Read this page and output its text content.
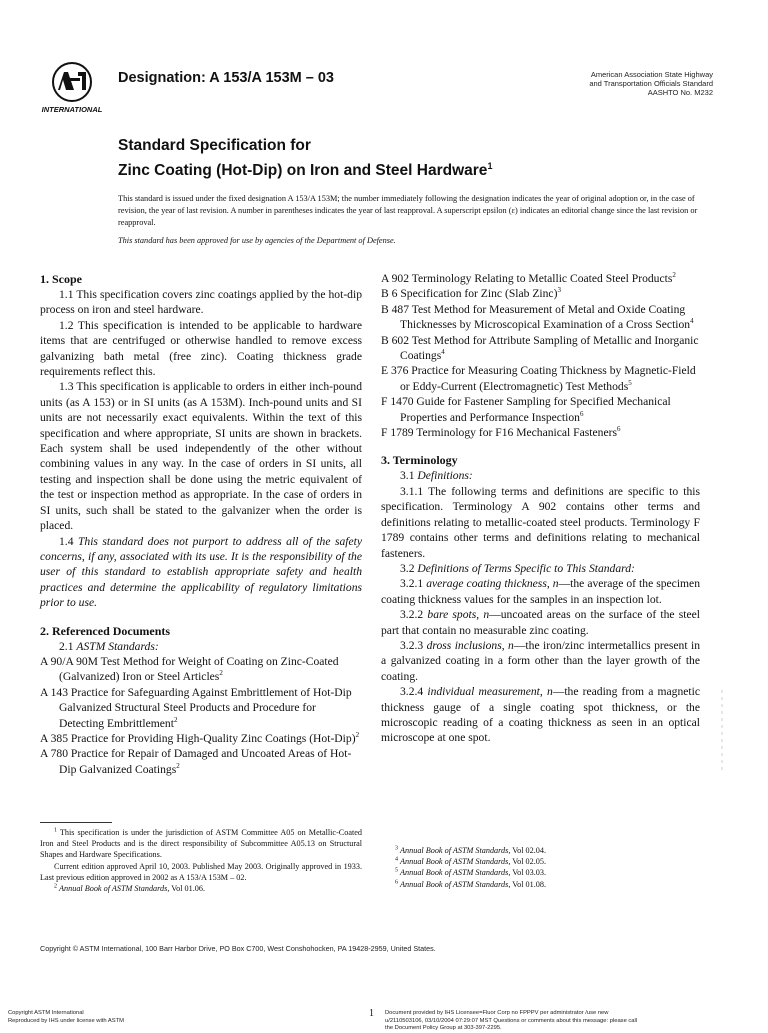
INTERNATIONAL
Designation: A 153/A 153M – 03	American Association State Highway
and Transportation Officials Standard
AASHTO No. M232
Standard Specification for
Zinc Coating (Hot-Dip) on Iron and Steel Hardware$^1$

This standard is issued under the fixed designation A 153/A 153M; the number immediately following the designation indicates the year of original adoption or, in the case of revision, the year of last revision. A number in parentheses indicates the year of last reapproval. A superscript epsilon (ε) indicates an editorial change since the last revision or reapproval.

This standard has been approved for use by agencies of the Department of Defense.

1. Scope

1.1 This specification covers zinc coatings applied by the hot-dip process on iron and steel hardware.

1.2 This specification is intended to be applicable to hardware items that are centrifuged or otherwise handled to remove excess galvanizing bath metal (free zinc). Coating thickness grade requirements reflect this.

1.3 This specification is applicable to orders in either inch-pound units (as A 153) or in SI units (as A 153M). Inch-pound units and SI units are not necessarily exact equivalents. Within the text of this specification and where appropriate, SI units are shown in brackets. Each system shall be used independently of the other without combining values in any way. In the case of orders in SI units, all testing and inspection shall be done using the metric equivalent of the test or inspection method as appropriate. In the case of orders in SI units, such shall be stated to the galvanizer when the order is placed.

1.4 This standard does not purport to address all of the safety concerns, if any, associated with its use. It is the responsibility of the user of this standard to establish appropriate safety and health practices and determine the applicability of regulatory limitations prior to use.

2. Referenced Documents

2.1 ASTM Standards:

A 90/A 90M Test Method for Weight of Coating on Zinc-Coated (Galvanized) Iron or Steel Articles$^2$

A 143 Practice for Safeguarding Against Embrittlement of Hot-Dip Galvanized Structural Steel Products and Procedure for Detecting Embrittlement$^2$

A 385 Practice for Providing High-Quality Zinc Coatings $(Hot-Dip)^2$

A 780 Practice for Repair of Damaged and Uncoated Areas of Hot-Dip Galvanized Coatings$^2$

A 902 Terminology Relating to Metallic Coated Steel Products$^2$

B 6 Specification for Zinc (Slab Zinc)$^3$

B 487 Test Method for Measurement of Metal and Oxide Coating Thicknesses by Microscopical Examination of a Cross Section$^4$

B 602 Test Method for Attribute Sampling of Metallic and Inorganic Coatings$^4$

E 376 Practice for Measuring Coating Thickness by Magnetic-Field or Eddy-Current (Electromagnetic) Test Methods$^5$

F 1470 Guide for Fastener Sampling for Specified Mechanical Properties and Performance Inspection$^6$

F 1789 Terminology for F16 Mechanical Fasteners$^6$

3. Terminology

3.1 Definitions:

3.1.1 The following terms and definitions are specific to this specification. Terminology A 902 contains other terms and definitions relating to metallic-coated steel products. Terminology F 1789 contains other terms and definitions relating to mechanical fasteners.

3.2 Definitions of Terms Specific to This Standard:

3.2.1 average coating thickness, n—the average of the specimen coating thickness values for the samples in an inspection lot.

3.2.2 bare spots, n—uncoated areas on the surface of the steel part that contain no measurable zinc coating.

3.2.3 dross inclusions, n—the iron/zinc intermetallics present in a galvanized coating in a form other than the layer growth of the coating.

3.2.4 individual measurement, n—the reading from a magnetic thickness gauge of a single coating spot thickness, or the microscopic reading of a coating thickness as seen in an optical microscope at one spot.

$^1$ This specification is under the jurisdiction of ASTM Committee A05 on Metallic-Coated Iron and Steel Products and is the direct responsibility of Subcommittee A05.13 on Structural Shapes and Hardware Specifications.

Current edition approved April 10, 2003. Published May 2003. Originally approved in 1933. Last previous edition approved in 2002 as A 153/A 153M – 02.

$^2$ Annual Book of ASTM Standards, Vol 01.06.

$^3$ Annual Book of ASTM Standards, Vol 02.04.

$^4$ Annual Book of ASTM Standards, Vol 02.05.

$^5$ Annual Book of ASTM Standards, Vol 03.03.

$^6$ Annual Book of ASTM Standards, Vol 01.08.

Copyright © ASTM International, 100 Barr Harbor Drive, PO Box C700, West Conshohocken, PA 19428-2959, United States.
Copyright ASTM International
Reproduced by IHS under license with ASTM
1 Document provided by IHS Licensee=Fluor Corp no FPPPV per administrator /use new u/2110503106, 03/10/2004 07:29:07 MST Questions or comments about this message: please call the Document Policy Group at 303-397-2295.
